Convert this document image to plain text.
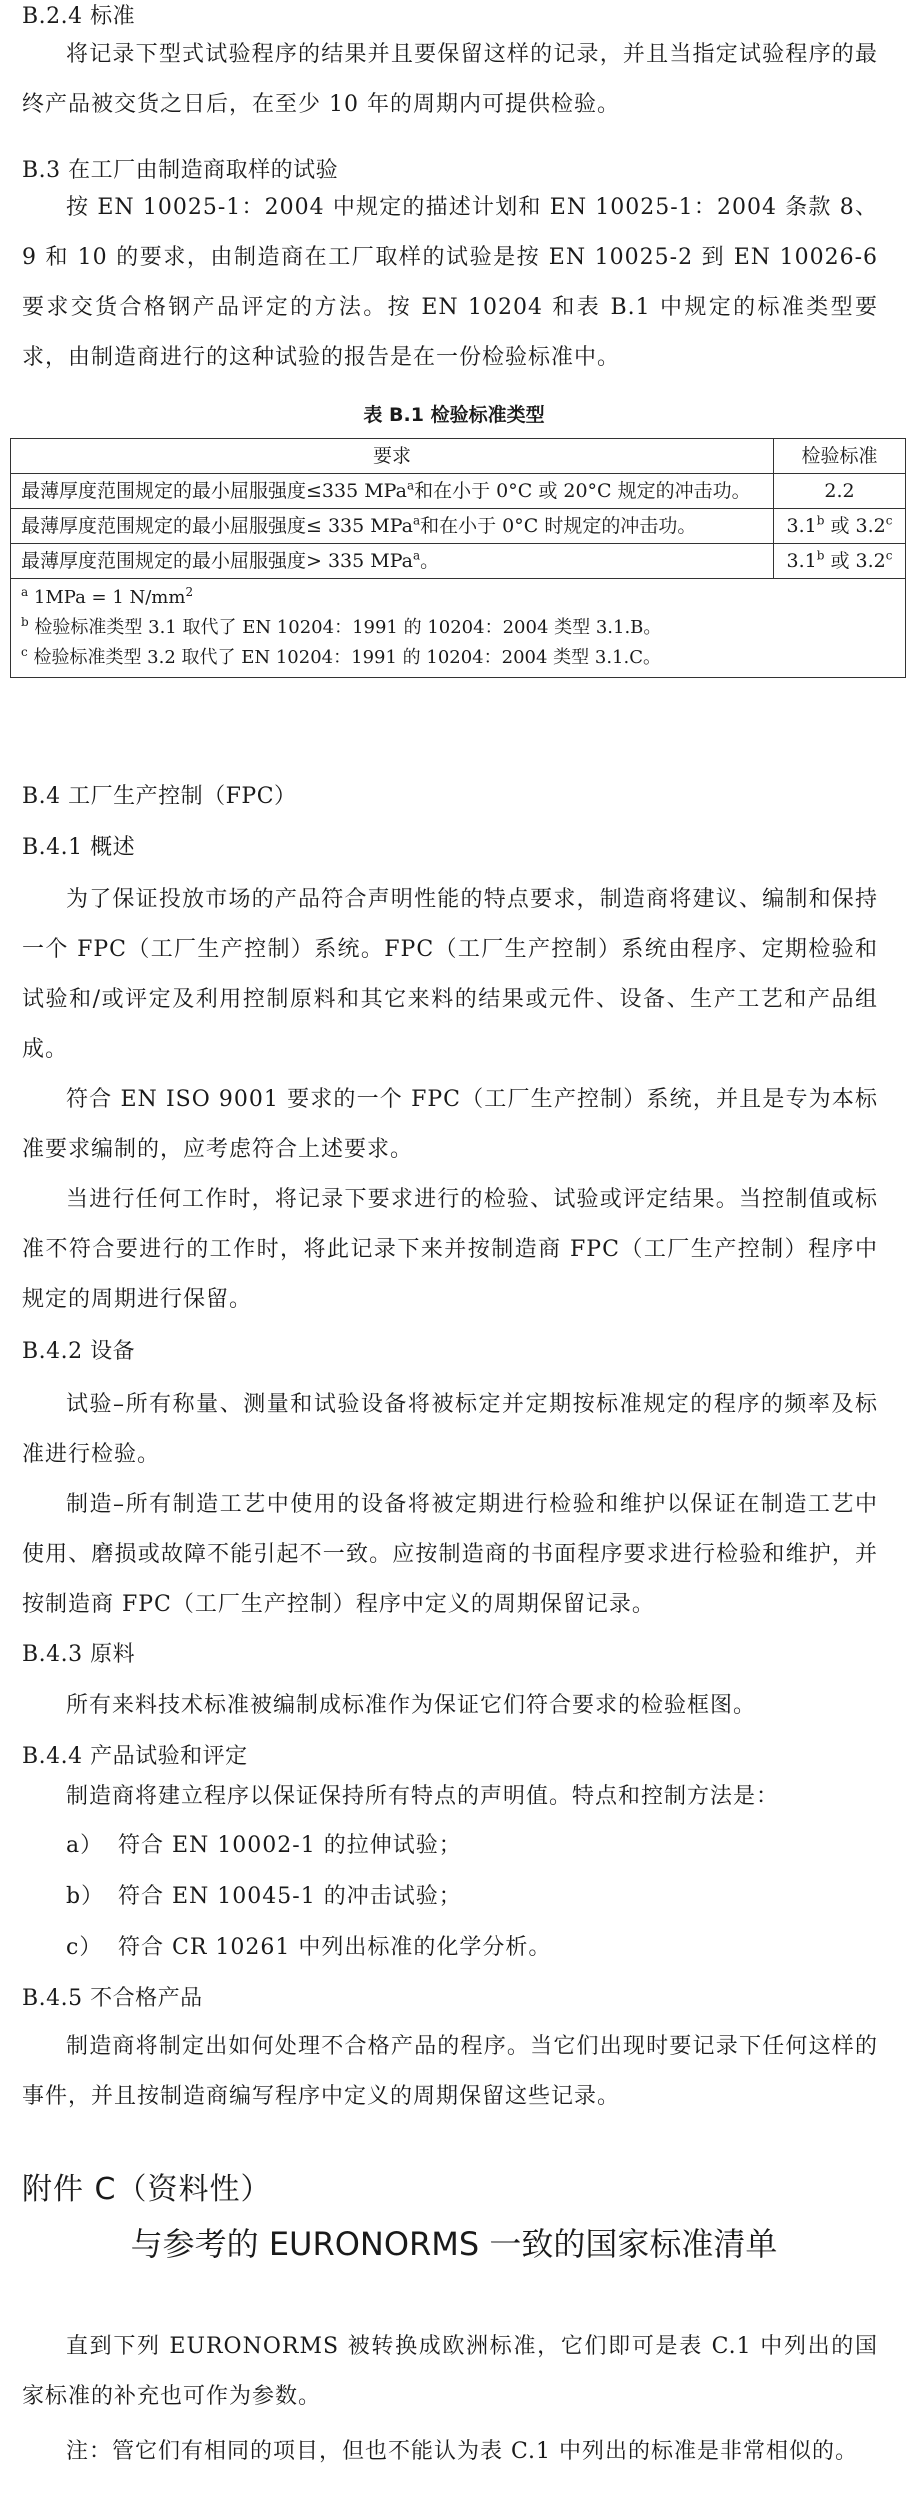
B.2.4 标准

将记录下型式试验程序的结果并且要保留这样的记录，并且当指定试验程序的最终产品被交货之日后，在至少 10 年的周期内可提供检验。

B.3 在工厂由制造商取样的试验

按 EN 10025-1：2004 中规定的描述计划和 EN 10025-1：2004 条款 8、9 和 10 的要求，由制造商在工厂取样的试验是按 EN 10025-2 到 EN 10026-6 要求交货合格钢产品评定的方法。按 EN 10204 和表 B.1 中规定的标准类型要求，由制造商进行的这种试验的报告是在一份检验标准中。

表 B.1 检验标准类型
要求	检验标准
最薄厚度范围规定的最小屈服强度≤335 MPa$^a$和在小于 0°C 或 20°C 规定的冲击功。	2.2
最薄厚度范围规定的最小屈服强度≤ 335 MPa$^a$和在小于 0°C 时规定的冲击功。	3.1$^b$ 或 3.2$^c$
最薄厚度范围规定的最小屈服强度> 335 MPa$^a$。	3.1$^b$ 或 3.2$^c$

$^a$ 1MPa = 1 $N/mm^2$
$^b$ 检验标准类型 3.1 取代了 EN 10204：1991 的 10204：2004 类型 3.1.B。
$^c$ 检验标准类型 3.2 取代了 EN 10204：1991 的 10204：2004 类型 3.1.C。	
B.4 工厂生产控制（FPC）
B.4.1 概述

为了保证投放市场的产品符合声明性能的特点要求，制造商将建议、编制和保持一个 FPC（工厂生产控制）系统。FPC（工厂生产控制）系统由程序、定期检验和试验和/或评定及利用控制原料和其它来料的结果或元件、设备、生产工艺和产品组成。

符合 EN ISO 9001 要求的一个 FPC（工厂生产控制）系统，并且是专为本标准要求编制的，应考虑符合上述要求。

当进行任何工作时，将记录下要求进行的检验、试验或评定结果。当控制值或标准不符合要进行的工作时，将此记录下来并按制造商 FPC（工厂生产控制）程序中规定的周期进行保留。

B.4.2 设备

试验–所有称量、测量和试验设备将被标定并定期按标准规定的程序的频率及标准进行检验。

制造–所有制造工艺中使用的设备将被定期进行检验和维护以保证在制造工艺中使用、磨损或故障不能引起不一致。应按制造商的书面程序要求进行检验和维护，并按制造商 FPC（工厂生产控制）程序中定义的周期保留记录。

B.4.3 原料

所有来料技术标准被编制成标准作为保证它们符合要求的检验框图。

B.4.4 产品试验和评定

制造商将建立程序以保证保持所有特点的声明值。特点和控制方法是：

a） 符合 EN 10002-1 的拉伸试验；
b） 符合 EN 10045-1 的冲击试验；
c） 符合 CR 10261 中列出标准的化学分析。
B.4.5 不合格产品

制造商将制定出如何处理不合格产品的程序。当它们出现时要记录下任何这样的事件，并且按制造商编写程序中定义的周期保留这些记录。

附件 C（资料性）
与参考的 EURONORMS 一致的国家标准清单

直到下列 EURONORMS 被转换成欧洲标准，它们即可是表 C.1 中列出的国家标准的补充也可作为参数。

注：管它们有相同的项目，但也不能认为表 C.1 中列出的标准是非常相似的。
